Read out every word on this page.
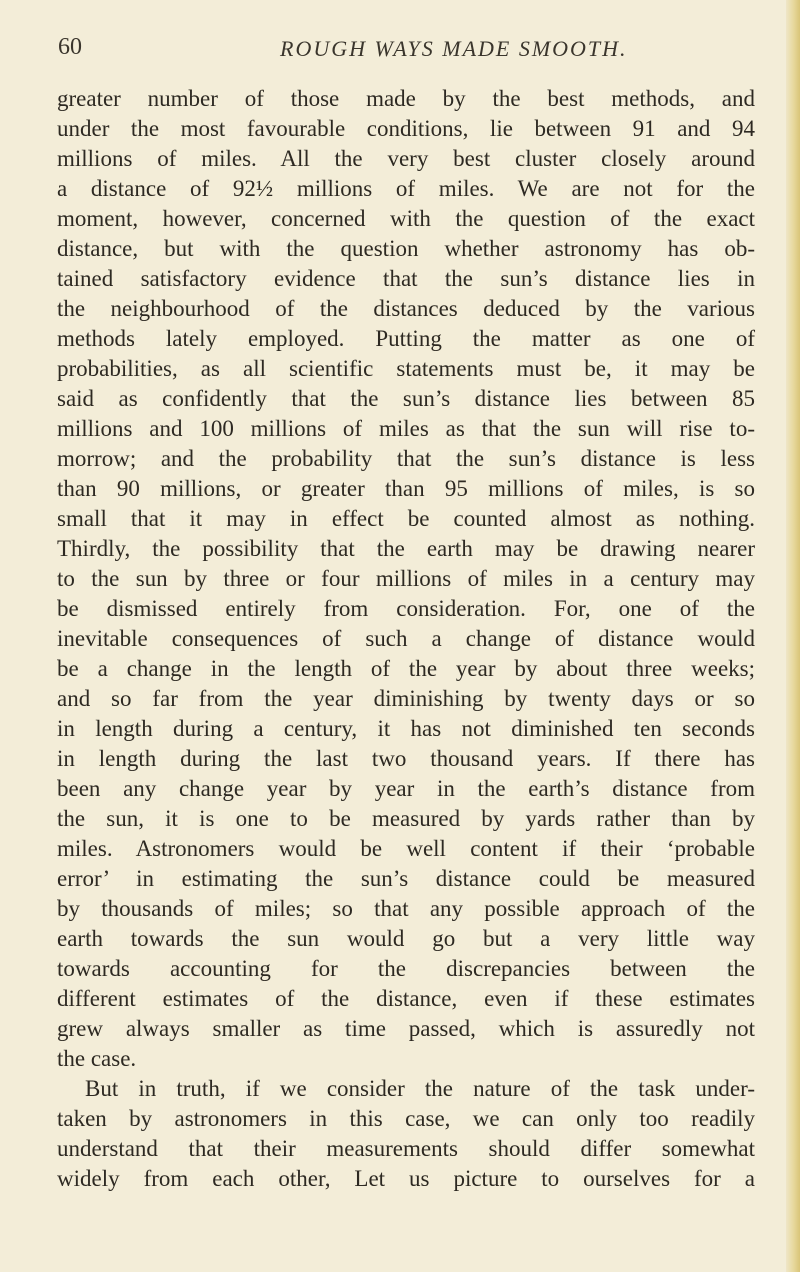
60	ROUGH WAYS MADE SMOOTH.
greater number of those made by the best methods, and
under the most favourable conditions, lie between 91 and 94
millions of miles. All the very best cluster closely around
a distance of 92½ millions of miles. We are not for the
moment, however, concerned with the question of the exact
distance, but with the question whether astronomy has ob-
tained satisfactory evidence that the sun’s distance lies in
the neighbourhood of the distances deduced by the various
methods lately employed. Putting the matter as one of
probabilities, as all scientific statements must be, it may be
said as confidently that the sun’s distance lies between 85
millions and 100 millions of miles as that the sun will rise to-
morrow; and the probability that the sun’s distance is less
than 90 millions, or greater than 95 millions of miles, is so
small that it may in effect be counted almost as nothing.
Thirdly, the possibility that the earth may be drawing nearer
to the sun by three or four millions of miles in a century may
be dismissed entirely from consideration. For, one of the
inevitable consequences of such a change of distance would
be a change in the length of the year by about three weeks;
and so far from the year diminishing by twenty days or so
in length during a century, it has not diminished ten seconds
in length during the last two thousand years. If there has
been any change year by year in the earth’s distance from
the sun, it is one to be measured by yards rather than by
miles. Astronomers would be well content if their ‘probable
error’ in estimating the sun’s distance could be measured
by thousands of miles; so that any possible approach of the
earth towards the sun would go but a very little way
towards accounting for the discrepancies between the
different estimates of the distance, even if these estimates
grew always smaller as time passed, which is assuredly not
the case.
But in truth, if we consider the nature of the task under-
taken by astronomers in this case, we can only too readily
understand that their measurements should differ somewhat
widely from each other, Let us picture to ourselves for a
